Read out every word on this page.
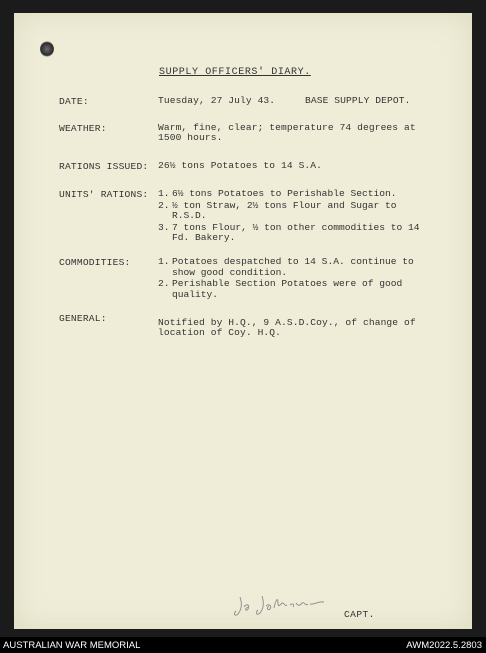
SUPPLY OFFICERS' DIARY.
DATE:	Tuesday, 27 July 43.	BASE SUPPLY DEPOT.
WEATHER:	Warm, fine, clear; temperature 74 degrees at
1500 hours.
RATIONS ISSUED: 26½ tons Potatoes to 14 S.A.
UNITS' RATIONS: 1. 6½ tons Potatoes to Perishable Section.
2. ½ ton Straw, 2½ tons Flour and Sugar to R.S.D.
3. 7 tons Flour, ½ ton other commodities to 14 Fd. Bakery.
COMMODITIES:	1. Potatoes despatched to 14 S.A. continue to show good condition.
2. Perishable Section Potatoes were of good quality.
GENERAL:	Notified by H.Q., 9 A.S.D.Coy., of change of
location of Coy. H.Q.
CAPT.
AUSTRALIAN WAR MEMORIAL	AWM2022.5.2803
